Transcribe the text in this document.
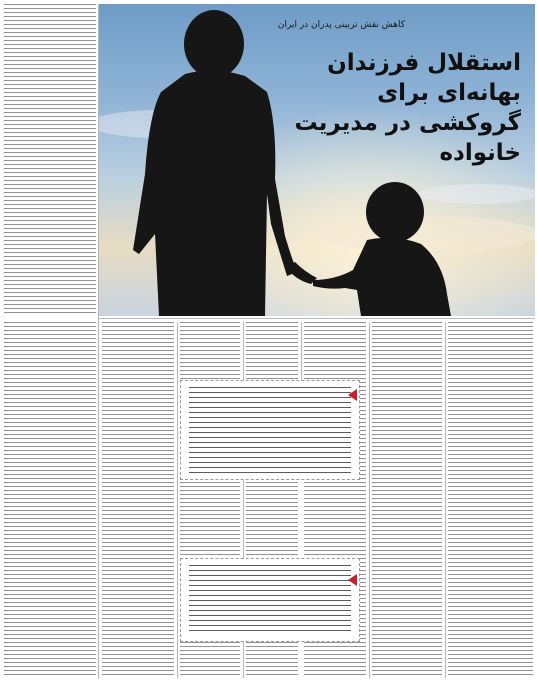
کاهش نقش تربیتی پدران در ایران
استقلال فرزندان بهانه‌ای برای گروکشی در مدیریت خانواده
